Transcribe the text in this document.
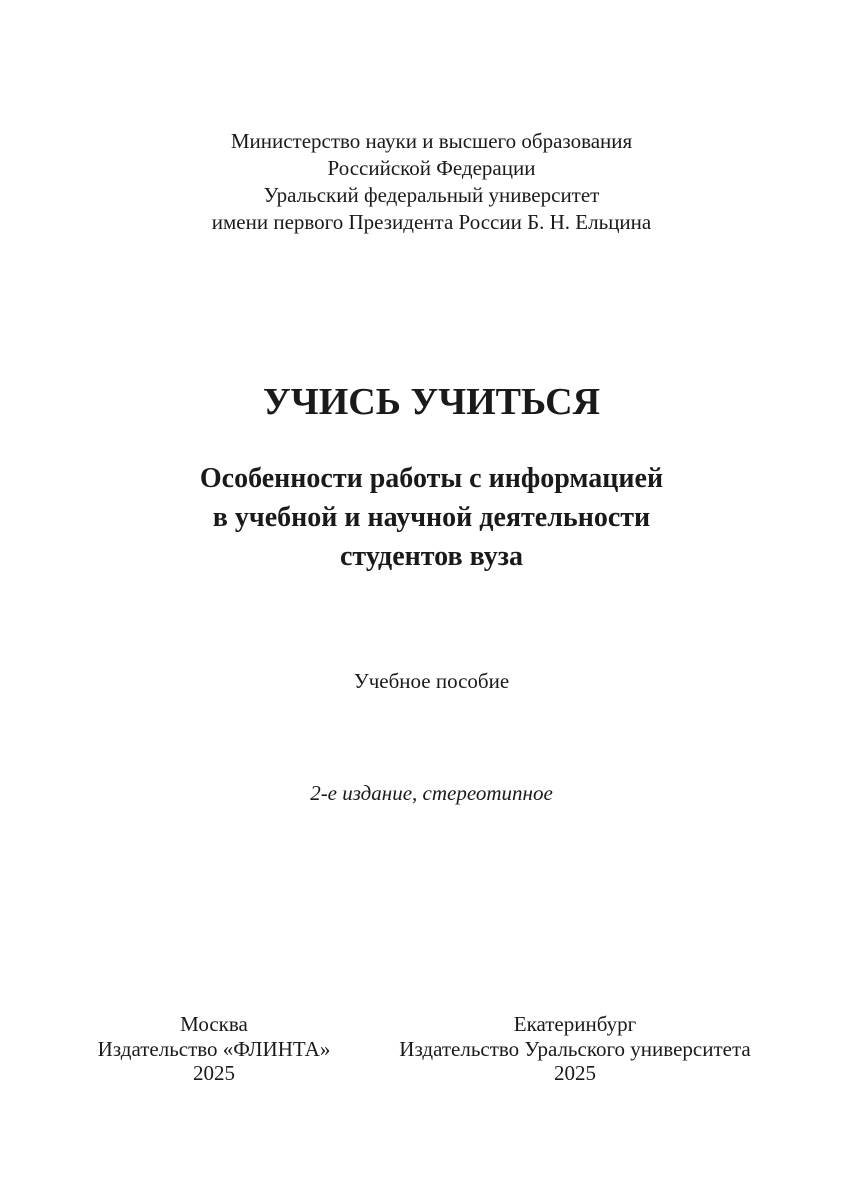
Министерство науки и высшего образования
Российской Федерации
Уральский федеральный университет
имени первого Президента России Б. Н. Ельцина
УЧИСЬ УЧИТЬСЯ
Особенности работы с информацией
в учебной и научной деятельности
студентов вуза
Учебное пособие
2-е издание, стереотипное
Москва
Издательство «ФЛИНТА»
2025
Екатеринбург
Издательство Уральского университета
2025
